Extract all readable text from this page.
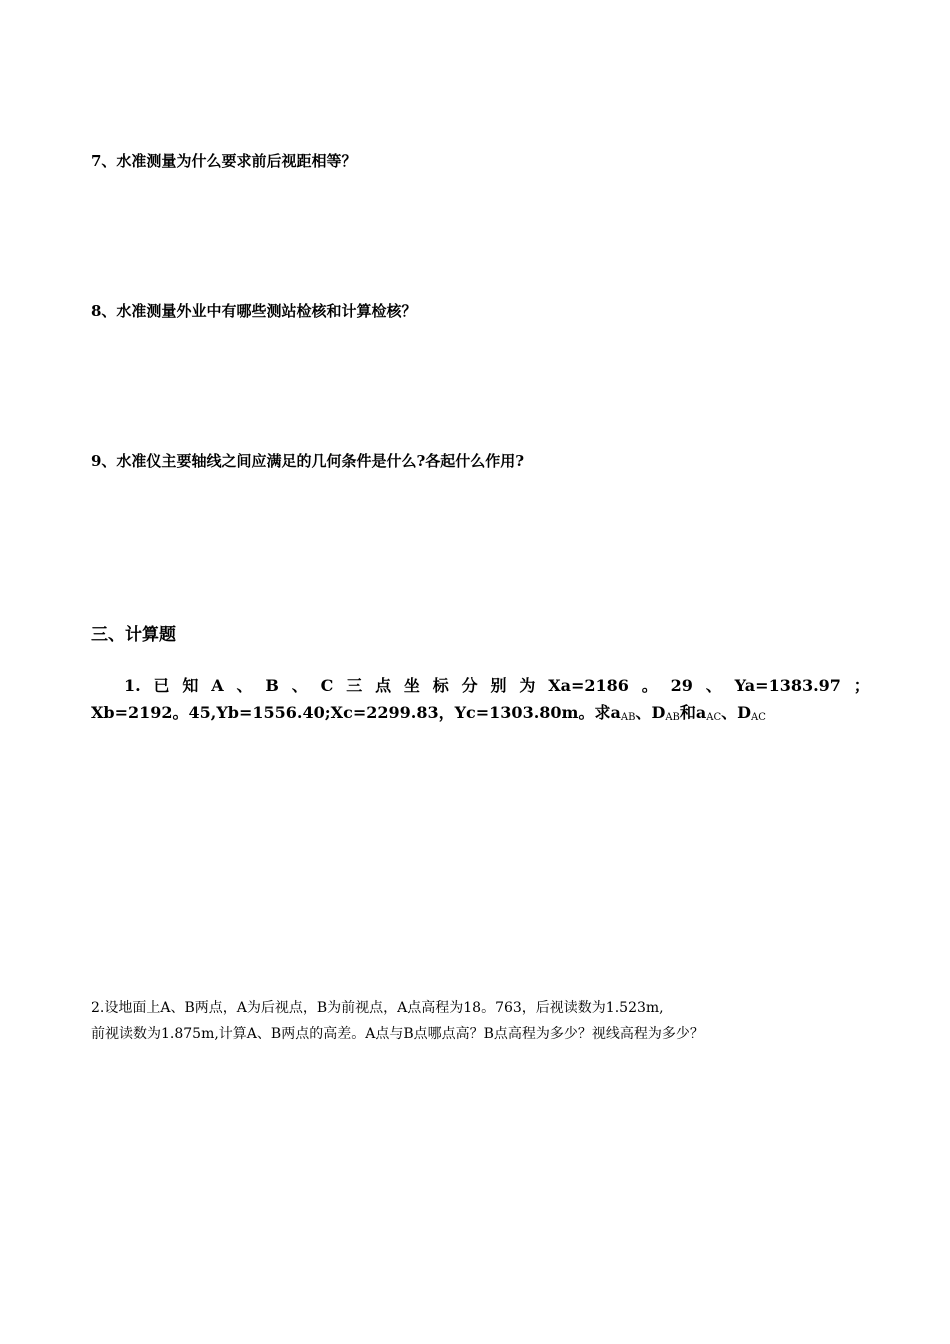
7、水准测量为什么要求前后视距相等？
8、水准测量外业中有哪些测站检核和计算检核？
9、水准仪主要轴线之间应满足的几何条件是什么?各起什么作用?
三、计算题
1. 已 知 A 、 B 、 C 三 点 坐 标 分 别 为 Xa=2186 。 29 、 Ya=1383.97 ；
Xb=2192。45,Yb=1556.40;Xc=2299.83，Yc=1303.80m。求$a_{AB}$、$D_{AB}$和$a_{AC}$、$D_{AC}$
2.设地面上A、B两点，A为后视点，B为前视点，A点高程为18。763，后视读数为1.523m,
前视读数为1.875m,计算A、B两点的高差。A点与B点哪点高？B点高程为多少？视线高程为多少？
